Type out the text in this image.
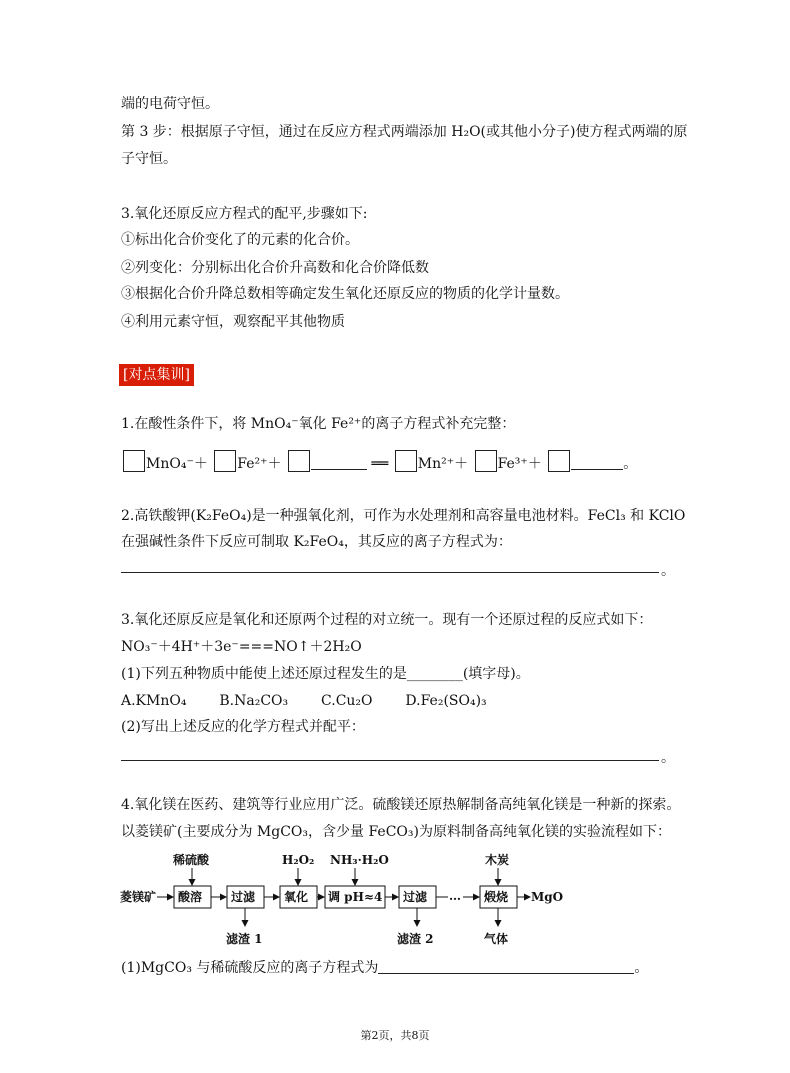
端的电荷守恒。
第 3 步：根据原子守恒，通过在反应方程式两端添加 H₂O(或其他小分子)使方程式两端的原
子守恒。
3.氧化还原反应方程式的配平,步骤如下:
①标出化合价变化了的元素的化合价。
②列变化：分别标出化合价升高数和化合价降低数
③根据化合价升降总数相等确定发生氧化还原反应的物质的化学计量数。
④利用元素守恒，观察配平其他物质
[对点集训]
1.在酸性条件下，将 MnO₄⁻氧化 Fe²⁺的离子方程式补充完整：
MnO₄⁻＋ Fe²⁺＋	══ Mn²⁺＋ Fe³⁺＋	。
2.高铁酸钾(K₂FeO₄)是一种强氧化剂，可作为水处理剂和高容量电池材料。FeCl₃ 和 KClO
在强碱性条件下反应可制取 K₂FeO₄，其反应的离子方程式为：
。
3.氧化还原反应是氧化和还原两个过程的对立统一。现有一个还原过程的反应式如下：
NO₃⁻＋4H⁺＋3e⁻===NO↑＋2H₂O
(1)下列五种物质中能使上述还原过程发生的是________(填字母)。
A.KMnO₄ B.Na₂CO₃ C.Cu₂O D.Fe₂(SO₄)₃
(2)写出上述反应的化学方程式并配平：
。
4.氧化镁在医药、建筑等行业应用广泛。硫酸镁还原热解制备高纯氧化镁是一种新的探索。
以菱镁矿(主要成分为 MgCO₃，含少量 FeCO₃)为原料制备高纯氧化镁的实验流程如下：
菱镁矿 酸溶 过滤 氧化 调 pH≈4 过滤 … 煅烧 MgO
稀硫酸	H₂O₂ NH₃·H₂O	木炭
滤渣 1	滤渣 2	气体
(1)MgCO₃ 与稀硫酸反应的离子方程式为	。
第2页，共8页
